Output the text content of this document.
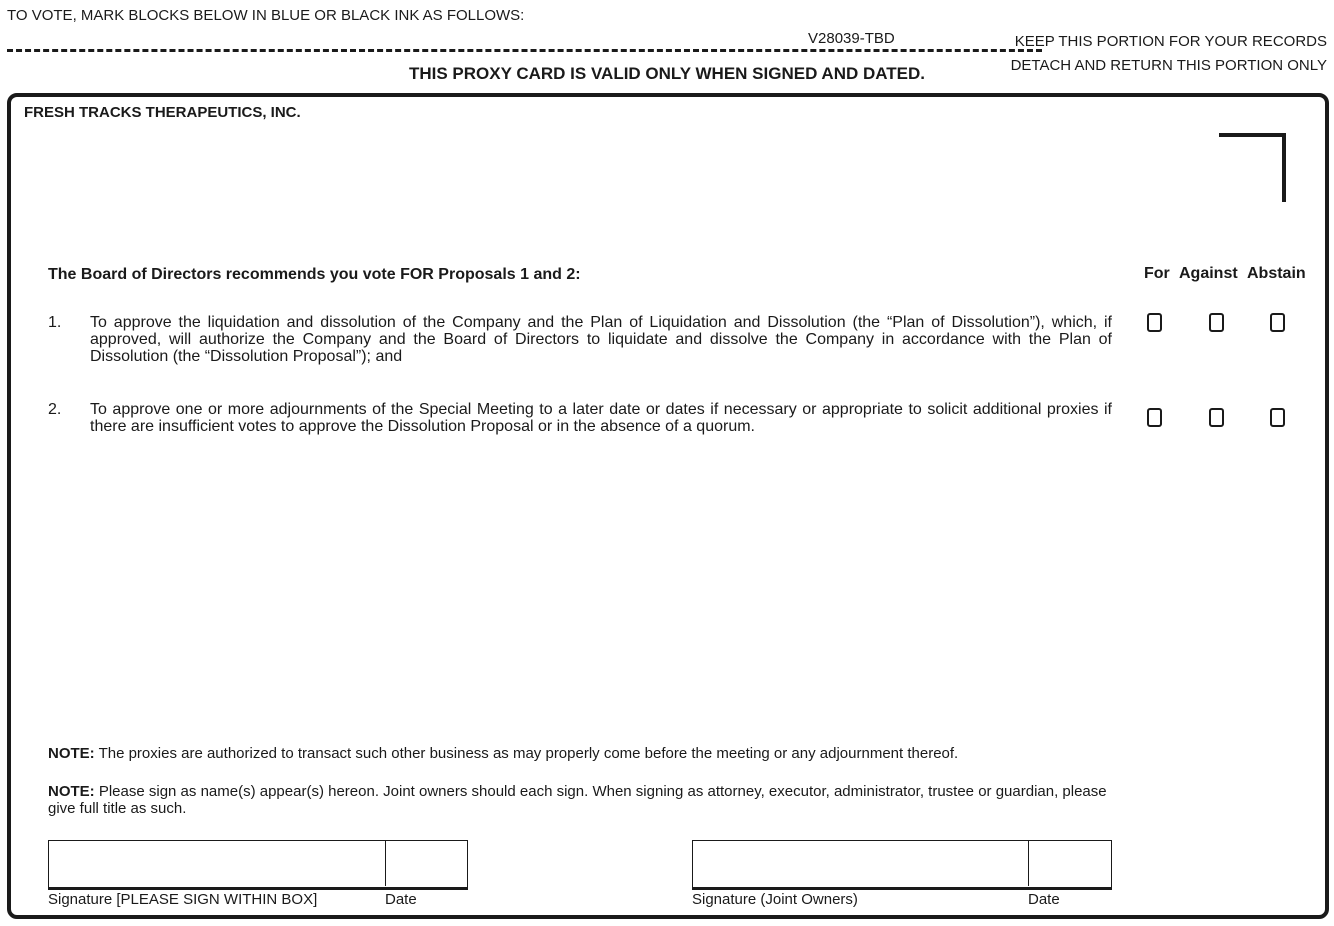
TO VOTE, MARK BLOCKS BELOW IN BLUE OR BLACK INK AS FOLLOWS:
V28039-TBD	KEEP THIS PORTION FOR YOUR RECORDS
DETACH AND RETURN THIS PORTION ONLY
THIS PROXY CARD IS VALID ONLY WHEN SIGNED AND DATED.
FRESH TRACKS THERAPEUTICS, INC.
The Board of Directors recommends you vote FOR Proposals 1 and 2:	For Against Abstain
1. To approve the liquidation and dissolution of the Company and the Plan of Liquidation and Dissolution (the “Plan of Dissolution”), which, if approved, will authorize the Company and the Board of Directors to liquidate and dissolve the Company in accordance with the Plan of Dissolution (the “Dissolution Proposal”); and
2. To approve one or more adjournments of the Special Meeting to a later date or dates if necessary or appropriate to solicit additional proxies if there are insufficient votes to approve the Dissolution Proposal or in the absence of a quorum.
NOTE: The proxies are authorized to transact such other business as may properly come before the meeting or any adjournment thereof.
NOTE: Please sign as name(s) appear(s) hereon. Joint owners should each sign. When signing as attorney, executor, administrator, trustee or guardian, please give full title as such.
Signature [PLEASE SIGN WITHIN BOX]	Date	Signature (Joint Owners)	Date
